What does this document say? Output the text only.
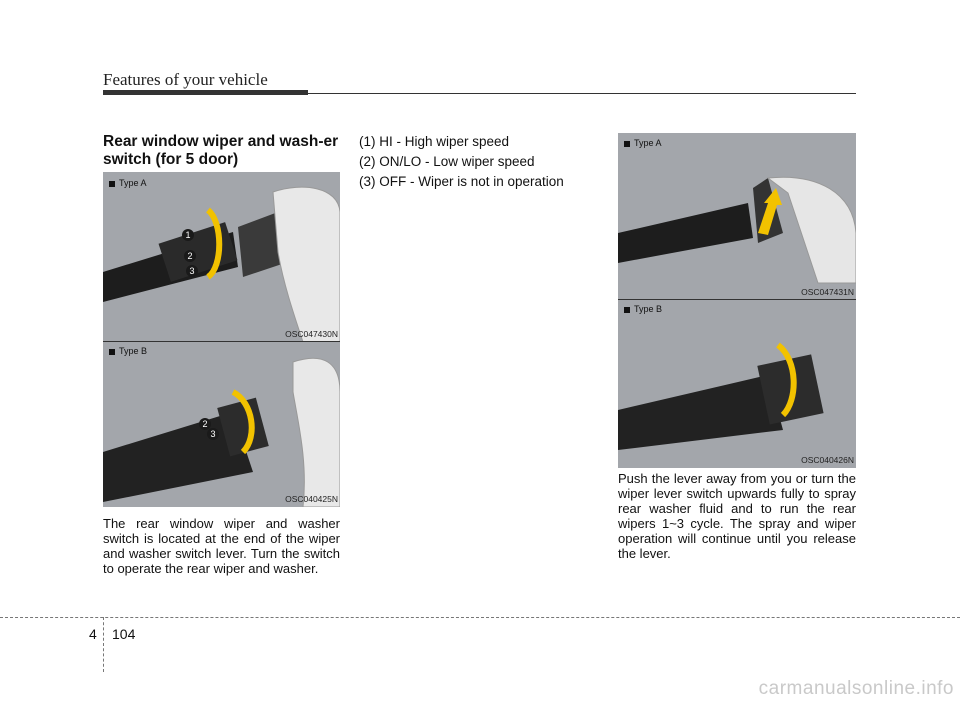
Features of your vehicle
Rear window wiper and wash-er switch (for 5 door)
Type A
1
2
3
OSC047430N
Type B
2
3
OSC040425N
The rear window wiper and washer switch is located at the end of the wiper and washer switch lever. Turn the switch to operate the rear wiper and washer.
(1) HI - High wiper speed
(2) ON/LO - Low wiper speed
(3) OFF - Wiper is not in operation
Type A
OSC047431N
Type B
OSC040426N
Push the lever away from you or turn the wiper lever switch upwards fully to spray rear washer fluid and to run the rear wipers 1~3 cycle. The spray and wiper operation will continue until you release the lever.
4 104
carmanualsonline.info
